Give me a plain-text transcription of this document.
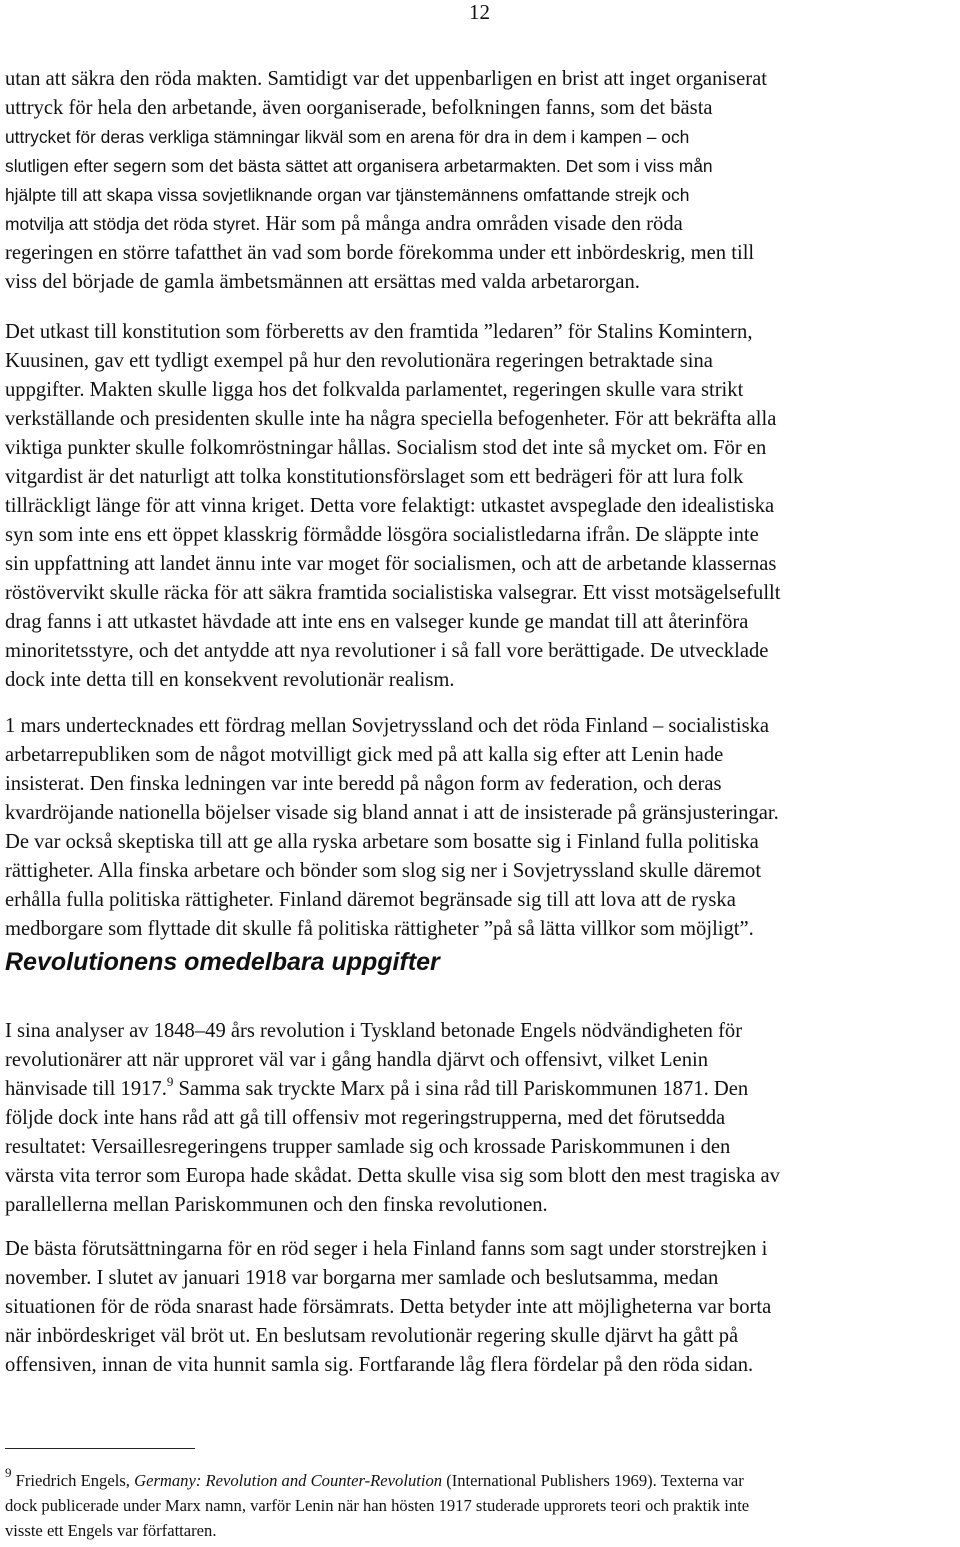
12
utan att säkra den röda makten. Samtidigt var det uppenbarligen en brist att inget organiserat
uttryck för hela den arbetande, även oorganiserade, befolkningen fanns, som det bästa
uttrycket för deras verkliga stämningar likväl som en arena för dra in dem i kampen – och
slutligen efter segern som det bästa sättet att organisera arbetarmakten. Det som i viss mån
hjälpte till att skapa vissa sovjetliknande organ var tjänstemännens omfattande strejk och
motvilja att stödja det röda styret. Här som på många andra områden visade den röda
regeringen en större tafatthet än vad som borde förekomma under ett inbördeskrig, men till
viss del började de gamla ämbetsmännen att ersättas med valda arbetarorgan.
Det utkast till konstitution som förberetts av den framtida ”ledaren” för Stalins Komintern,
Kuusinen, gav ett tydligt exempel på hur den revolutionära regeringen betraktade sina
uppgifter. Makten skulle ligga hos det folkvalda parlamentet, regeringen skulle vara strikt
verkställande och presidenten skulle inte ha några speciella befogenheter. För att bekräfta alla
viktiga punkter skulle folkomröstningar hållas. Socialism stod det inte så mycket om. För en
vitgardist är det naturligt att tolka konstitutionsförslaget som ett bedrägeri för att lura folk
tillräckligt länge för att vinna kriget. Detta vore felaktigt: utkastet avspeglade den idealistiska
syn som inte ens ett öppet klasskrig förmådde lösgöra socialistledarna ifrån. De släppte inte
sin uppfattning att landet ännu inte var moget för socialismen, och att de arbetande klassernas
röstövervikt skulle räcka för att säkra framtida socialistiska valsegrar. Ett visst motsägelsefullt
drag fanns i att utkastet hävdade att inte ens en valseger kunde ge mandat till att återinföra
minoritetsstyre, och det antydde att nya revolutioner i så fall vore berättigade. De utvecklade
dock inte detta till en konsekvent revolutionär realism.
1 mars undertecknades ett fördrag mellan Sovjetryssland och det röda Finland – socialistiska
arbetarrepubliken som de något motvilligt gick med på att kalla sig efter att Lenin hade
insisterat. Den finska ledningen var inte beredd på någon form av federation, och deras
kvardröjande nationella böjelser visade sig bland annat i att de insisterade på gränsjusteringar.
De var också skeptiska till att ge alla ryska arbetare som bosatte sig i Finland fulla politiska
rättigheter. Alla finska arbetare och bönder som slog sig ner i Sovjetryssland skulle däremot
erhålla fulla politiska rättigheter. Finland däremot begränsade sig till att lova att de ryska
medborgare som flyttade dit skulle få politiska rättigheter ”på så lätta villkor som möjligt”.
Revolutionens omedelbara uppgifter
I sina analyser av 1848–49 års revolution i Tyskland betonade Engels nödvändigheten för
revolutionärer att när upproret väl var i gång handla djärvt och offensivt, vilket Lenin
hänvisade till 1917.$^9$ Samma sak tryckte Marx på i sina råd till Pariskommunen 1871. Den
följde dock inte hans råd att gå till offensiv mot regeringstrupperna, med det förutsedda
resultatet: Versaillesregeringens trupper samlade sig och krossade Pariskommunen i den
värsta vita terror som Europa hade skådat. Detta skulle visa sig som blott den mest tragiska av
parallellerna mellan Pariskommunen och den finska revolutionen.
De bästa förutsättningarna för en röd seger i hela Finland fanns som sagt under storstrejken i
november. I slutet av januari 1918 var borgarna mer samlade och beslutsamma, medan
situationen för de röda snarast hade försämrats. Detta betyder inte att möjligheterna var borta
när inbördeskriget väl bröt ut. En beslutsam revolutionär regering skulle djärvt ha gått på
offensiven, innan de vita hunnit samla sig. Fortfarande låg flera fördelar på den röda sidan.
$^9$ Friedrich Engels, Germany: Revolution and Counter-Revolution (International Publishers 1969). Texterna var
dock publicerade under Marx namn, varför Lenin när han hösten 1917 studerade upprorets teori och praktik inte
visste ett Engels var författaren.
